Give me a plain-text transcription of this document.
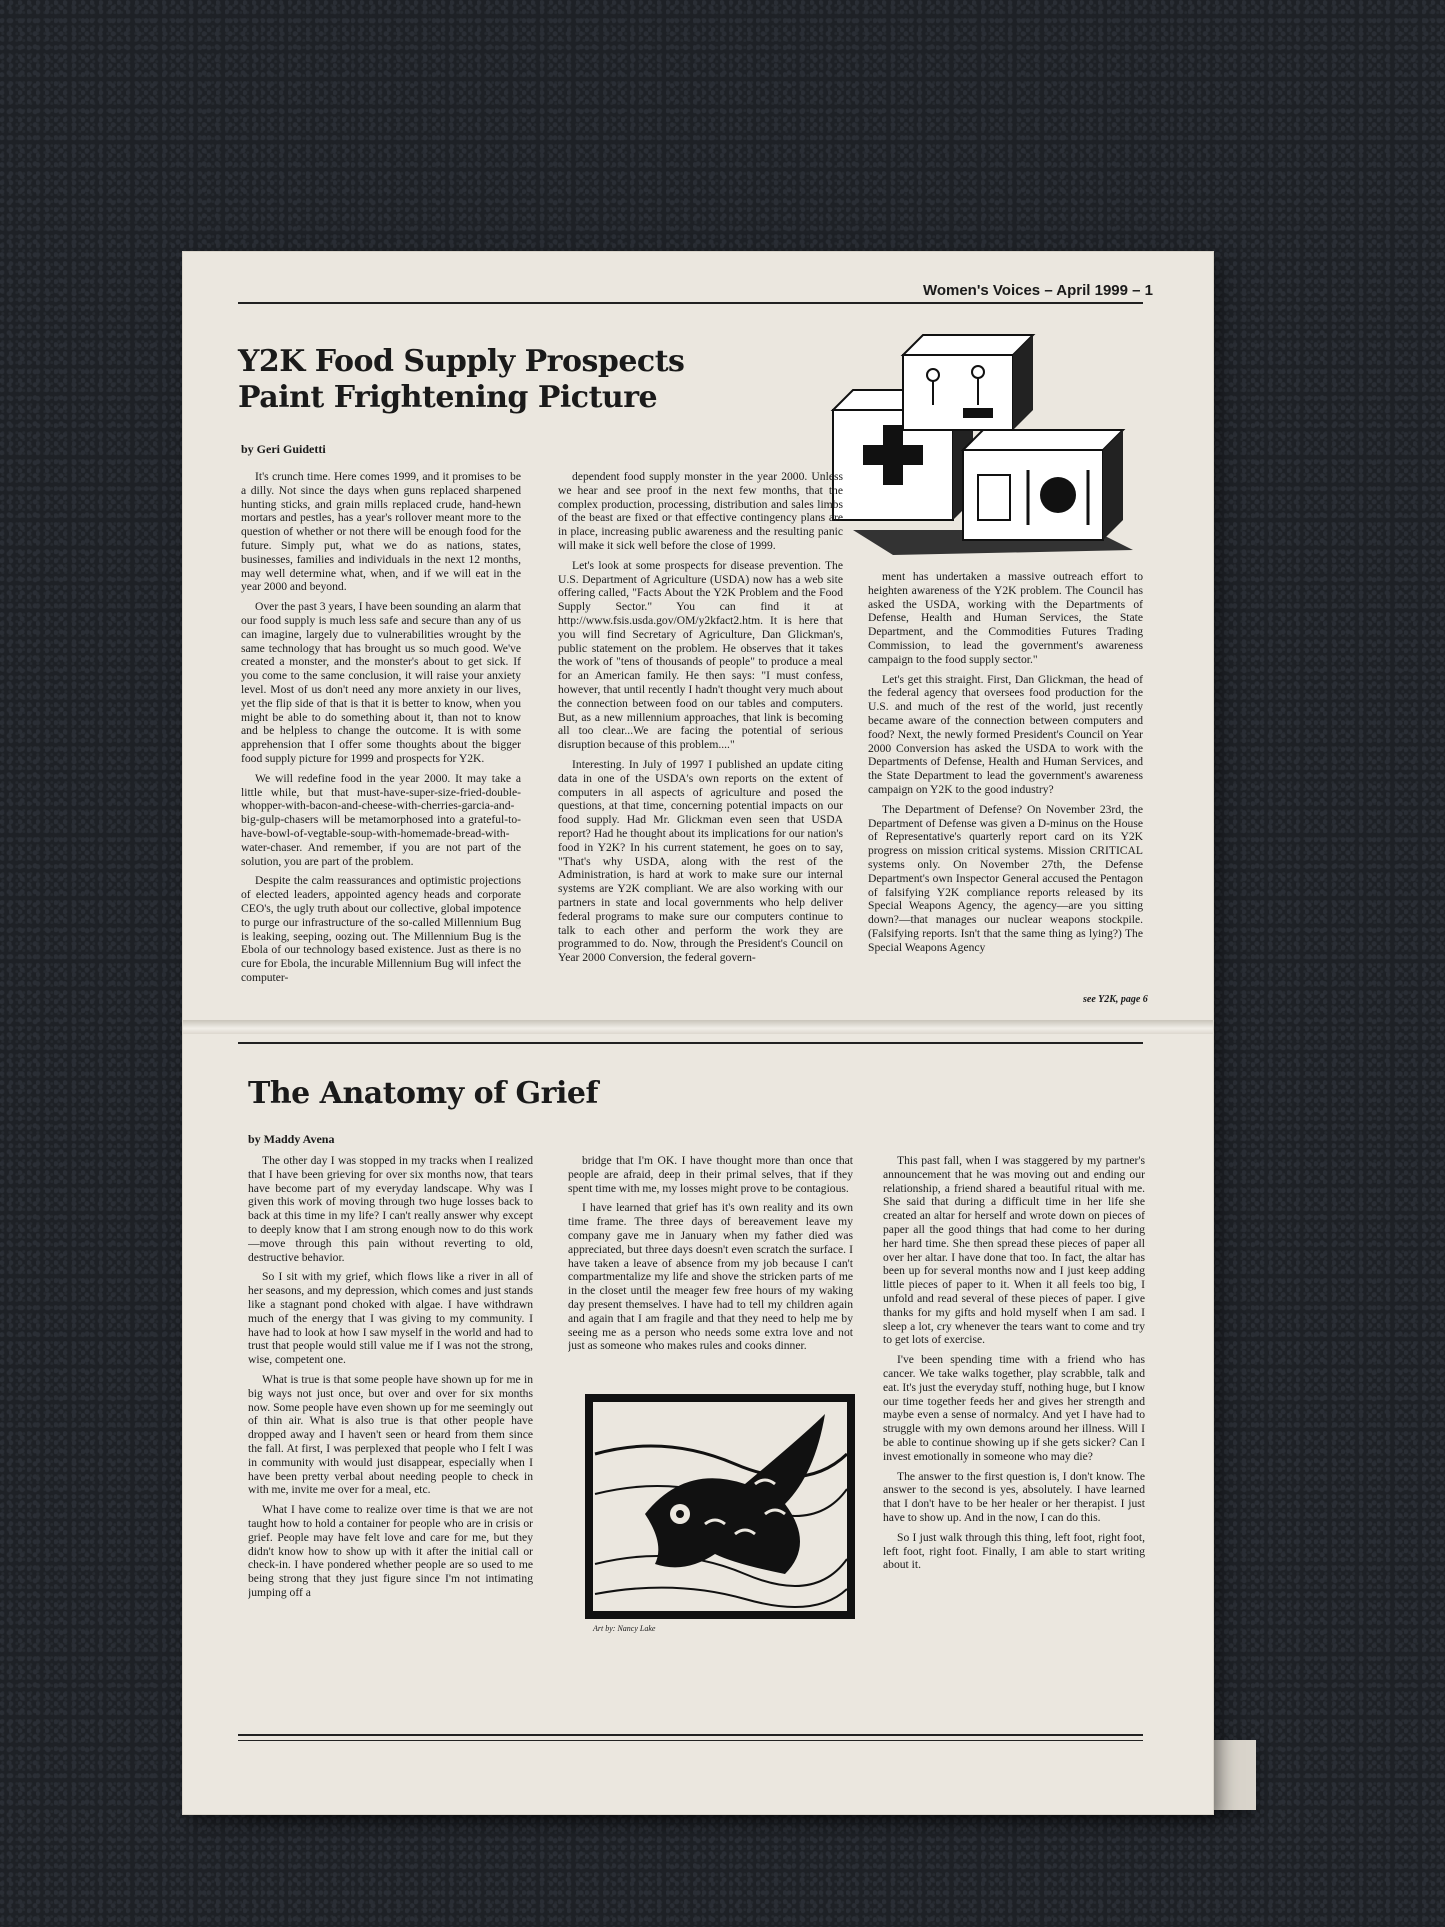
Women's Voices – April 1999 – 1
Y2K Food Supply Prospects
Paint Frightening Picture
by Geri Guidetti

It's crunch time. Here comes 1999, and it promises to be a dilly. Not since the days when guns replaced sharpened hunting sticks, and grain mills replaced crude, hand-hewn mortars and pestles, has a year's rollover meant more to the question of whether or not there will be enough food for the future. Simply put, what we do as nations, states, businesses, families and individuals in the next 12 months, may well determine what, when, and if we will eat in the year 2000 and beyond.

Over the past 3 years, I have been sounding an alarm that our food supply is much less safe and secure than any of us can imagine, largely due to vulnerabilities wrought by the same technology that has brought us so much good. We've created a monster, and the monster's about to get sick. If you come to the same conclusion, it will raise your anxiety level. Most of us don't need any more anxiety in our lives, yet the flip side of that is that it is better to know, when you might be able to do something about it, than not to know and be helpless to change the outcome. It is with some apprehension that I offer some thoughts about the bigger food supply picture for 1999 and prospects for Y2K.

We will redefine food in the year 2000. It may take a little while, but that must-have-super-size-fried-double-whopper-with-bacon-and-cheese-with-cherries-garcia-and-big-gulp-chasers will be metamorphosed into a grateful-to-have-bowl-of-vegtable-soup-with-homemade-bread-with-water-chaser. And remember, if you are not part of the solution, you are part of the problem.

Despite the calm reassurances and optimistic projections of elected leaders, appointed agency heads and corporate CEO's, the ugly truth about our collective, global impotence to purge our infrastructure of the so-called Millennium Bug is leaking, seeping, oozing out. The Millennium Bug is the Ebola of our technology based existence. Just as there is no cure for Ebola, the incurable Millennium Bug will infect the computer-

dependent food supply monster in the year 2000. Unless we hear and see proof in the next few months, that the complex production, processing, distribution and sales limbs of the beast are fixed or that effective contingency plans are in place, increasing public awareness and the resulting panic will make it sick well before the close of 1999.

Let's look at some prospects for disease prevention. The U.S. Department of Agriculture (USDA) now has a web site offering called, "Facts About the Y2K Problem and the Food Supply Sector." You can find it at http://www.fsis.usda.gov/OM/y2kfact2.htm. It is here that you will find Secretary of Agriculture, Dan Glickman's, public statement on the problem. He observes that it takes the work of "tens of thousands of people" to produce a meal for an American family. He then says: "I must confess, however, that until recently I hadn't thought very much about the connection between food on our tables and computers. But, as a new millennium approaches, that link is becoming all too clear...We are facing the potential of serious disruption because of this problem...."

Interesting. In July of 1997 I published an update citing data in one of the USDA's own reports on the extent of computers in all aspects of agriculture and posed the questions, at that time, concerning potential impacts on our food supply. Had Mr. Glickman even seen that USDA report? Had he thought about its implications for our nation's food in Y2K? In his current statement, he goes on to say, "That's why USDA, along with the rest of the Administration, is hard at work to make sure our internal systems are Y2K compliant. We are also working with our partners in state and local governments who help deliver federal programs to make sure our computers continue to talk to each other and perform the work they are programmed to do. Now, through the President's Council on Year 2000 Conversion, the federal govern-

ment has undertaken a massive outreach effort to heighten awareness of the Y2K problem. The Council has asked the USDA, working with the Departments of Defense, Health and Human Services, the State Department, and the Commodities Futures Trading Commission, to lead the government's awareness campaign to the food supply sector."

Let's get this straight. First, Dan Glickman, the head of the federal agency that oversees food production for the U.S. and much of the rest of the world, just recently became aware of the connection between computers and food? Next, the newly formed President's Council on Year 2000 Conversion has asked the USDA to work with the Departments of Defense, Health and Human Services, and the State Department to lead the government's awareness campaign on Y2K to the good industry?

The Department of Defense? On November 23rd, the Department of Defense was given a D-minus on the House of Representative's quarterly report card on its Y2K progress on mission critical systems. Mission CRITICAL systems only. On November 27th, the Defense Department's own Inspector General accused the Pentagon of falsifying Y2K compliance reports released by its Special Weapons Agency, the agency—are you sitting down?—that manages our nuclear weapons stockpile. (Falsifying reports. Isn't that the same thing as lying?) The Special Weapons Agency

see Y2K, page 6
The Anatomy of Grief
by Maddy Avena

The other day I was stopped in my tracks when I realized that I have been grieving for over six months now, that tears have become part of my everyday landscape. Why was I given this work of moving through two huge losses back to back at this time in my life? I can't really answer why except to deeply know that I am strong enough now to do this work—move through this pain without reverting to old, destructive behavior.

So I sit with my grief, which flows like a river in all of her seasons, and my depression, which comes and just stands like a stagnant pond choked with algae. I have withdrawn much of the energy that I was giving to my community. I have had to look at how I saw myself in the world and had to trust that people would still value me if I was not the strong, wise, competent one.

What is true is that some people have shown up for me in big ways not just once, but over and over for six months now. Some people have even shown up for me seemingly out of thin air. What is also true is that other people have dropped away and I haven't seen or heard from them since the fall. At first, I was perplexed that people who I felt I was in community with would just disappear, especially when I have been pretty verbal about needing people to check in with me, invite me over for a meal, etc.

What I have come to realize over time is that we are not taught how to hold a container for people who are in crisis or grief. People may have felt love and care for me, but they didn't know how to show up with it after the initial call or check-in. I have pondered whether people are so used to me being strong that they just figure since I'm not intimating jumping off a

bridge that I'm OK. I have thought more than once that people are afraid, deep in their primal selves, that if they spent time with me, my losses might prove to be contagious.

I have learned that grief has it's own reality and its own time frame. The three days of bereavement leave my company gave me in January when my father died was appreciated, but three days doesn't even scratch the surface. I have taken a leave of absence from my job because I can't compartmentalize my life and shove the stricken parts of me in the closet until the meager few free hours of my waking day present themselves. I have had to tell my children again and again that I am fragile and that they need to help me by seeing me as a person who needs some extra love and not just as someone who makes rules and cooks dinner.

Art by: Nancy Lake

This past fall, when I was staggered by my partner's announcement that he was moving out and ending our relationship, a friend shared a beautiful ritual with me. She said that during a difficult time in her life she created an altar for herself and wrote down on pieces of paper all the good things that had come to her during her hard time. She then spread these pieces of paper all over her altar. I have done that too. In fact, the altar has been up for several months now and I just keep adding little pieces of paper to it. When it all feels too big, I unfold and read several of these pieces of paper. I give thanks for my gifts and hold myself when I am sad. I sleep a lot, cry whenever the tears want to come and try to get lots of exercise.

I've been spending time with a friend who has cancer. We take walks together, play scrabble, talk and eat. It's just the everyday stuff, nothing huge, but I know our time together feeds her and gives her strength and maybe even a sense of normalcy. And yet I have had to struggle with my own demons around her illness. Will I be able to continue showing up if she gets sicker? Can I invest emotionally in someone who may die?

The answer to the first question is, I don't know. The answer to the second is yes, absolutely. I have learned that I don't have to be her healer or her therapist. I just have to show up. And in the now, I can do this.

So I just walk through this thing, left foot, right foot, left foot, right foot. Finally, I am able to start writing about it.
